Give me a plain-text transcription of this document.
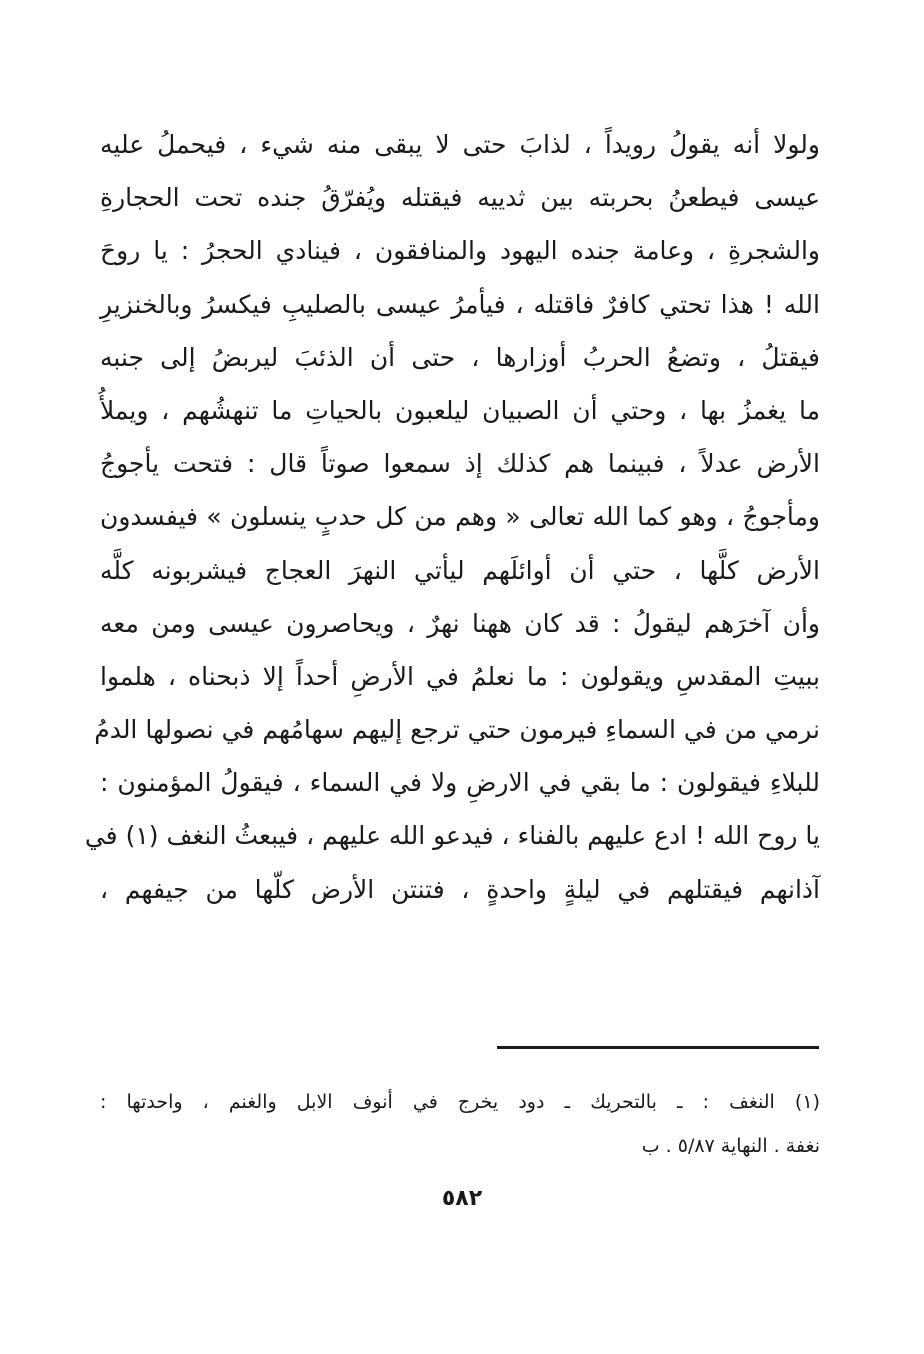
ولولا أنه يقولُ رويداً ، لذابَ حتى لا يبقى منه شيء ، فيحملُ عليه
عيسى فيطعنُ بحربته بين ثدييه فيقتله ويُفرّقُ جنده تحت الحجارةِ
والشجرةِ ، وعامة جنده اليهود والمنافقون ، فينادي الحجرُ : يا روحَ
الله ! هذا تحتي كافرٌ فاقتله ، فيأمرُ عيسى بالصليبِ فيكسرُ وبالخنزيرِ
فيقتلُ ، وتضعُ الحربُ أوزارها ، حتى أن الذئبَ ليربضُ إلى جنبه
ما يغمزُ بها ، وحتي أن الصبيان ليلعبون بالحياتِ ما تنهشُهم ، ويملأُ
الأرض عدلاً ، فبينما هم كذلك إذ سمعوا صوتاً قال : فتحت يأجوجُ
ومأجوجُ ، وهو كما الله تعالى « وهم من كل حدبٍ ينسلون » فيفسدون
الأرض كلَّها ، حتي أن أوائلَهم ليأتي النهرَ العجاج فيشربونه كلَّه
وأن آخرَهم ليقولُ : قد كان ههنا نهرٌ ، ويحاصرون عيسى ومن معه
ببيتِ المقدسِ ويقولون : ما نعلمُ في الأرضِ أحداً إلا ذبحناه ، هلموا
نرمي من في السماءِ فيرمون حتي ترجع إليهم سهامُهم في نصولها الدمُ
للبلاءِ فيقولون : ما بقي في الارضِ ولا في السماء ، فيقولُ المؤمنون :
يا روح الله ! ادع عليهم بالفناء ، فيدعو الله عليهم ، فيبعثُ النغف (١) في
آذانهم فيقتلهم في ليلةٍ واحدةٍ ، فتنتن الأرض كلّها من جيفهم ،
(١) النغف : ـ بالتحريك ـ دود يخرج في أنوف الابل والغنم ، واحدتها :
نغفة . النهاية ٥/٨٧ . ب
٥٨٢
